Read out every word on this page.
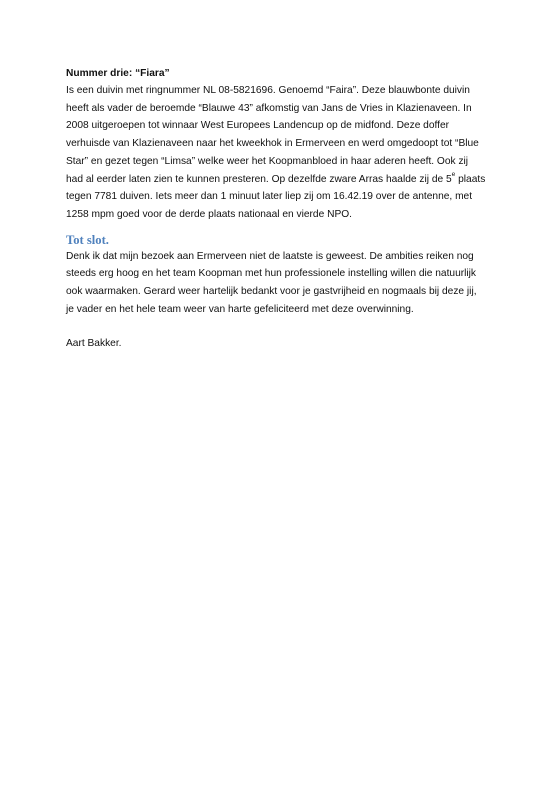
Nummer drie: “Fiara”

Is een duivin met ringnummer NL 08-5821696. Genoemd “Faira”. Deze blauwbonte duivin
heeft als vader de beroemde “Blauwe 43” afkomstig van Jans de Vries in Klazienaveen. In
2008 uitgeroepen tot winnaar West Europees Landencup op de midfond. Deze doffer
verhuisde van Klazienaveen naar het kweekhok in Ermerveen en werd omgedoopt tot “Blue
Star” en gezet tegen “Limsa” welke weer het Koopmanbloed in haar aderen heeft. Ook zij
had al eerder laten zien te kunnen presteren. Op dezelfde zware Arras haalde zij de 5e plaats
tegen 7781 duiven. Iets meer dan 1 minuut later liep zij om 16.42.19 over de antenne, met
1258 mpm goed voor de derde plaats nationaal en vierde NPO.

Tot slot.

Denk ik dat mijn bezoek aan Ermerveen niet de laatste is geweest. De ambities reiken nog
steeds erg hoog en het team Koopman met hun professionele instelling willen die natuurlijk
ook waarmaken. Gerard weer hartelijk bedankt voor je gastvrijheid en nogmaals bij deze jij,
je vader en het hele team weer van harte gefeliciteerd met deze overwinning.

Aart Bakker.
